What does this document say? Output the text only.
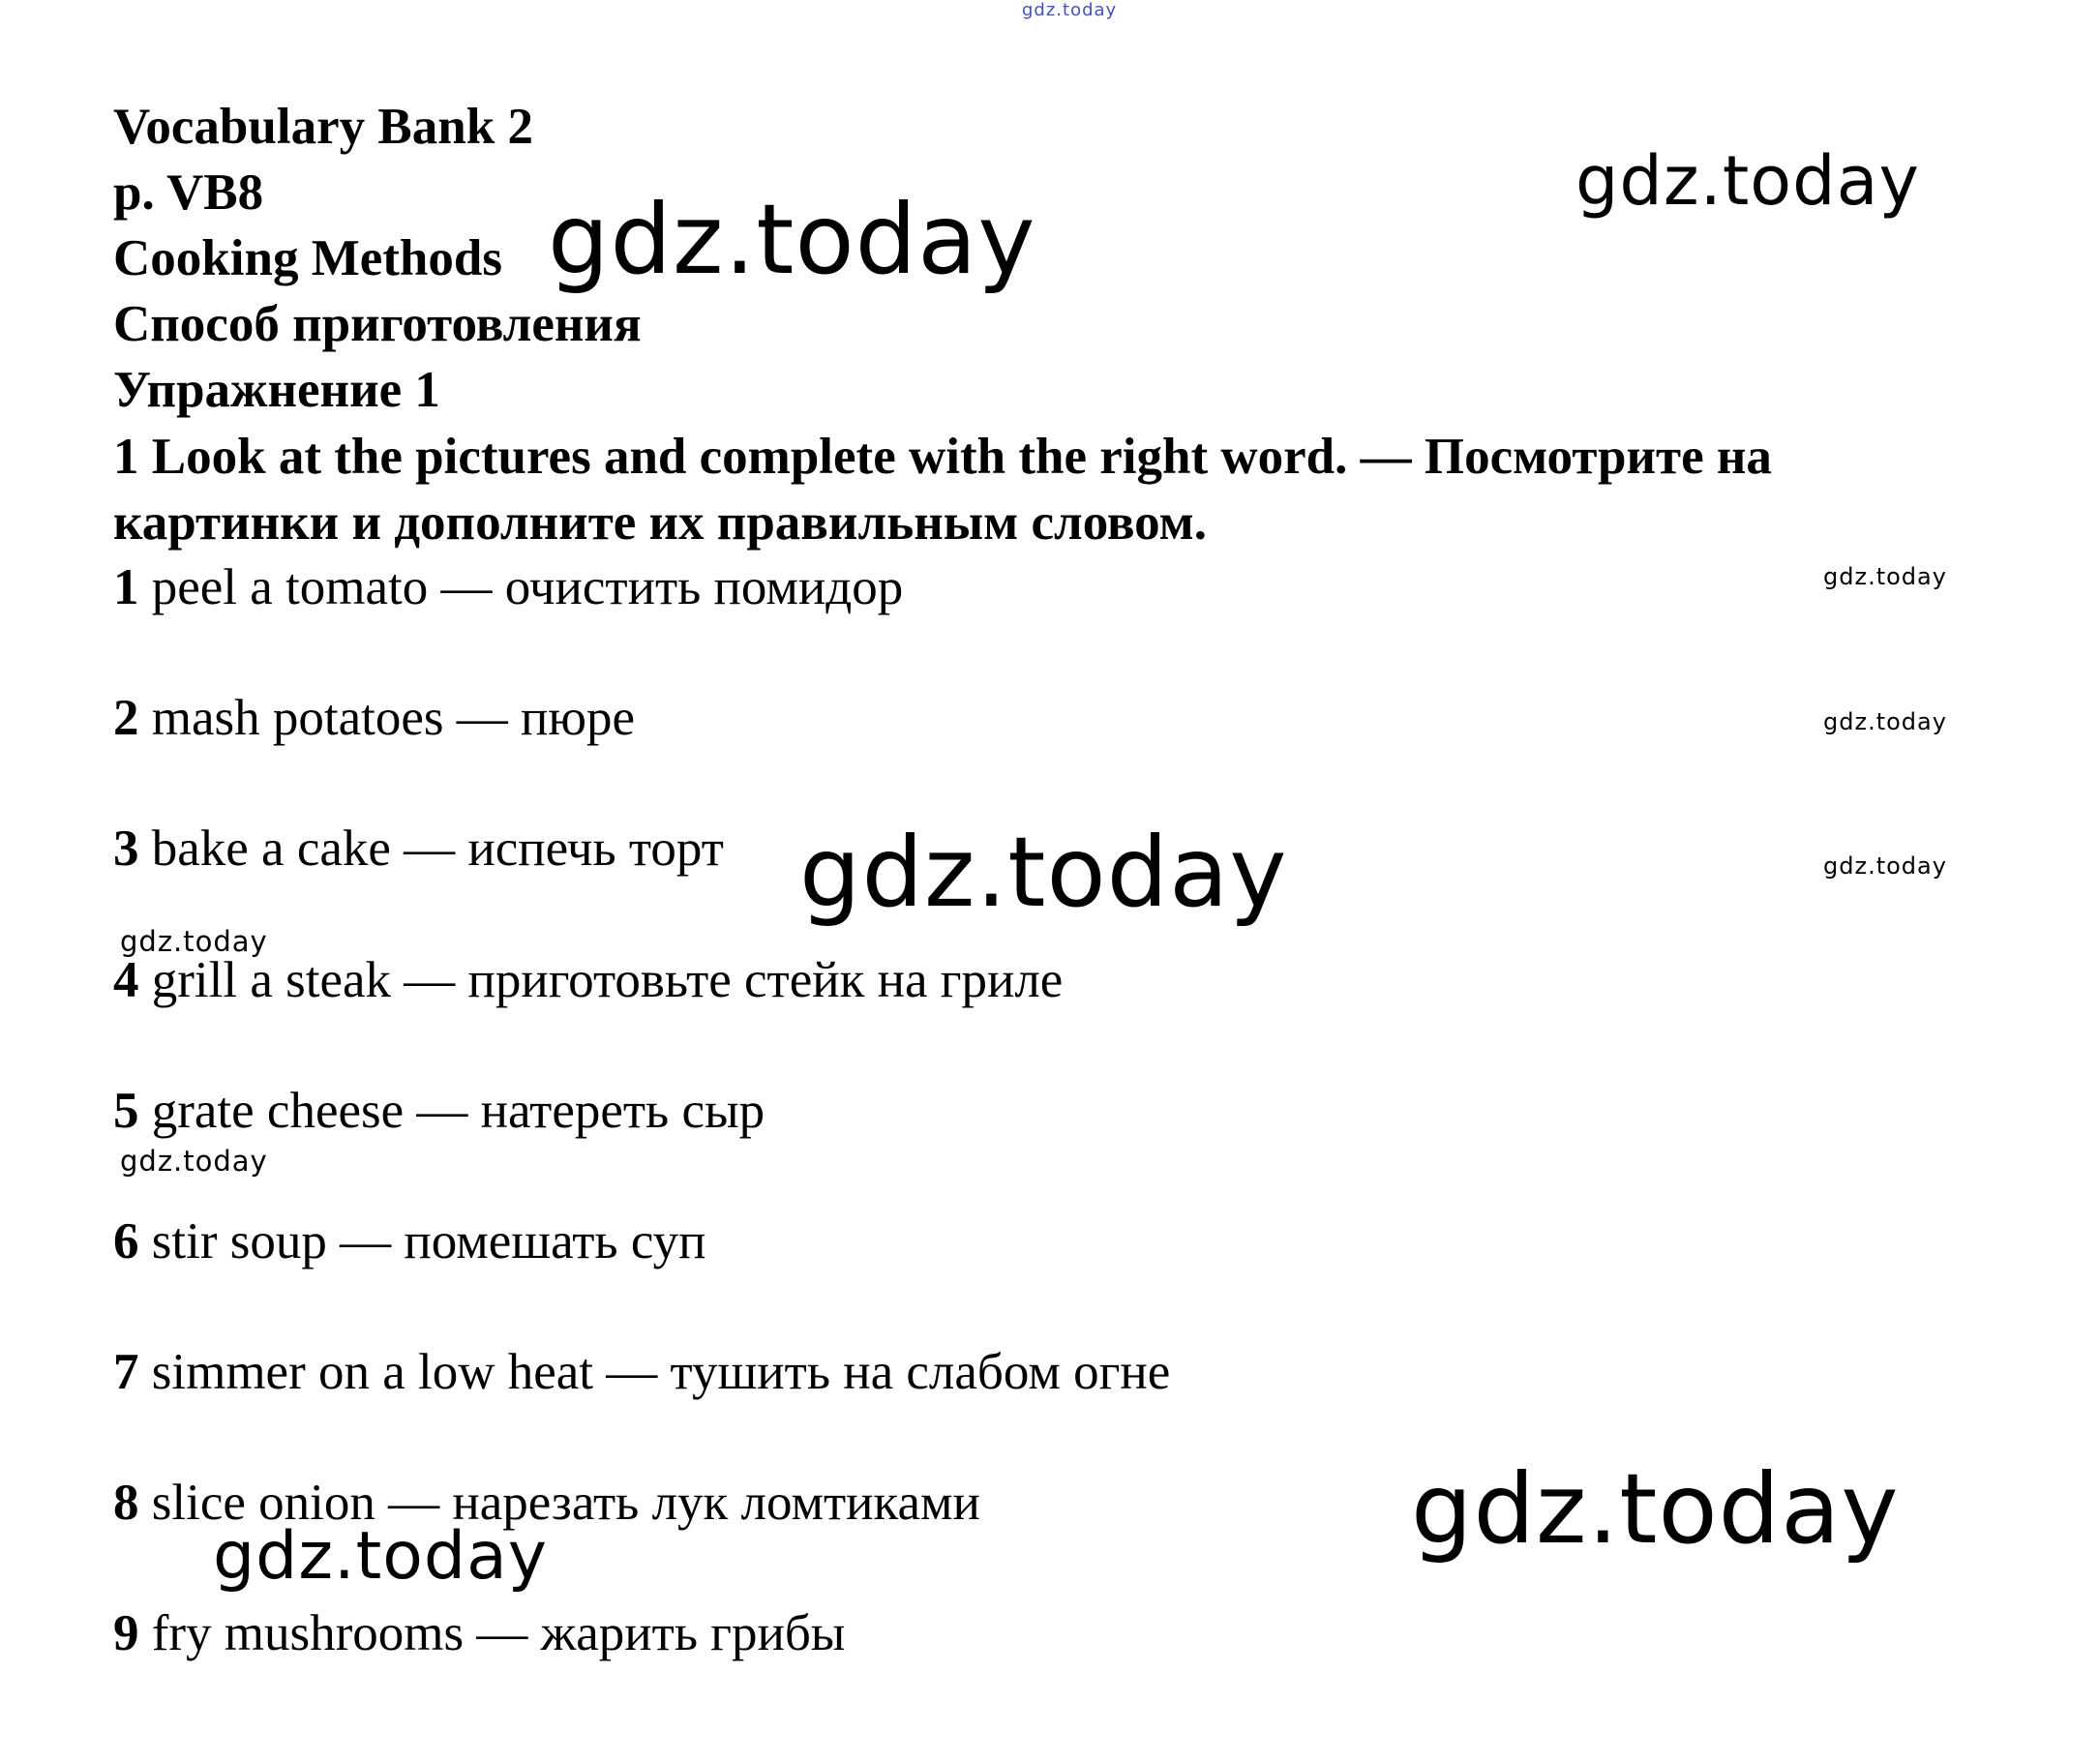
gdz.today
Vocabulary Bank 2
p. VB8
Cooking Methods
Способ приготовления
Упражнение 1
1 Look at the pictures and complete with the right word. — Посмотрите на картинки и дополните их правильным словом.
1 peel a tomato — очистить помидор
2 mash potatoes — пюре
3 bake a cake — испечь торт
4 grill a steak — приготовьте стейк на гриле
5 grate cheese — натереть сыр
6 stir soup — помешать суп
7 simmer on a low heat — тушить на слабом огне
8 slice onion — нарезать лук ломтиками
9 fry mushrooms — жарить грибы
gdz.today
gdz.today
gdz.today
gdz.today
gdz.today
gdz.today
gdz.today
gdz.today
gdz.today
gdz.today
